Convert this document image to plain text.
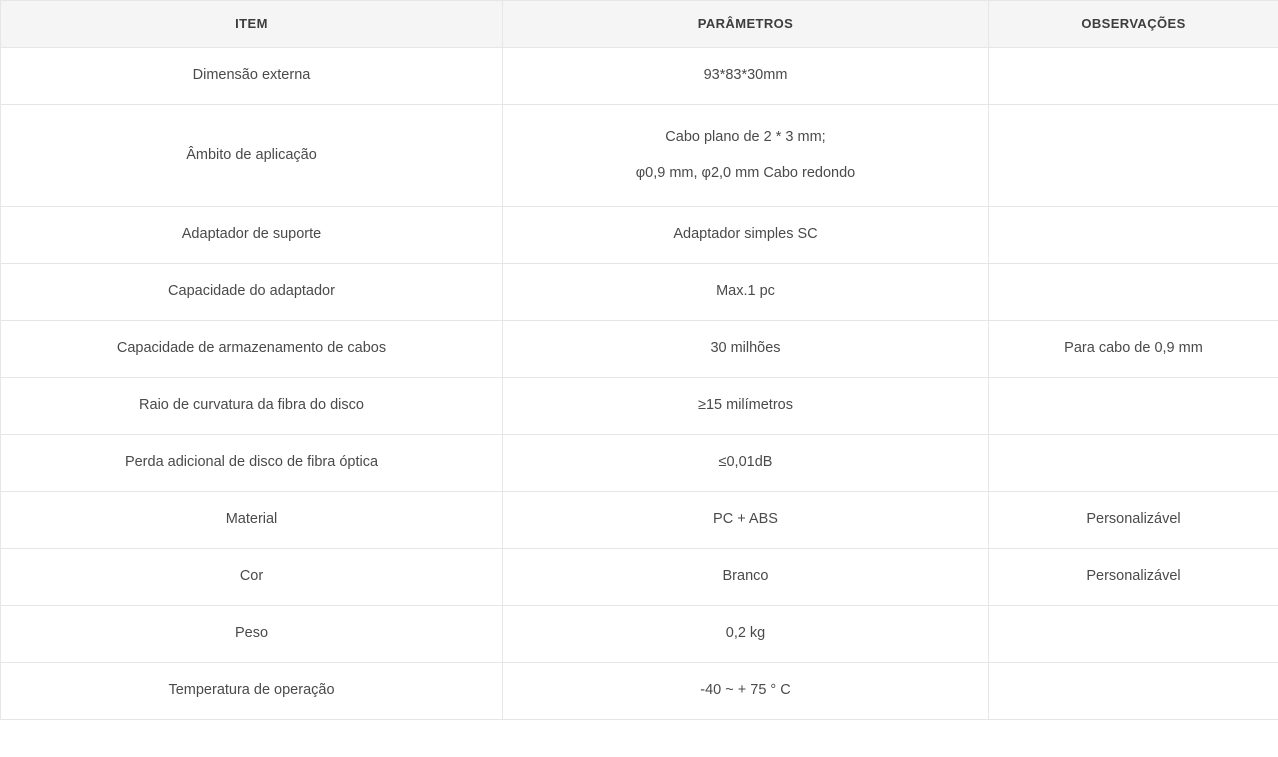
ITEM	PARÂMETROS	OBSERVAÇÕES
Dimensão externa	93*83*30mm	

Âmbito de aplicação	Cabo plano de 2 * 3 mm;
φ0,9 mm, φ2,0 mm Cabo redondo	

Adaptador de suporte	Adaptador simples SC	

Capacidade do adaptador	Max.1 pc	

Capacidade de armazenamento de cabos	30 milhões	Para cabo de 0,9 mm
Raio de curvatura da fibra do disco	≥15 milímetros	

Perda adicional de disco de fibra óptica	≤0,01dB	

Material	PC + ABS	Personalizável
Cor	Branco	Personalizável
Peso	0,2 kg	

Temperatura de operação	-40 ~ + 75 ° C	
